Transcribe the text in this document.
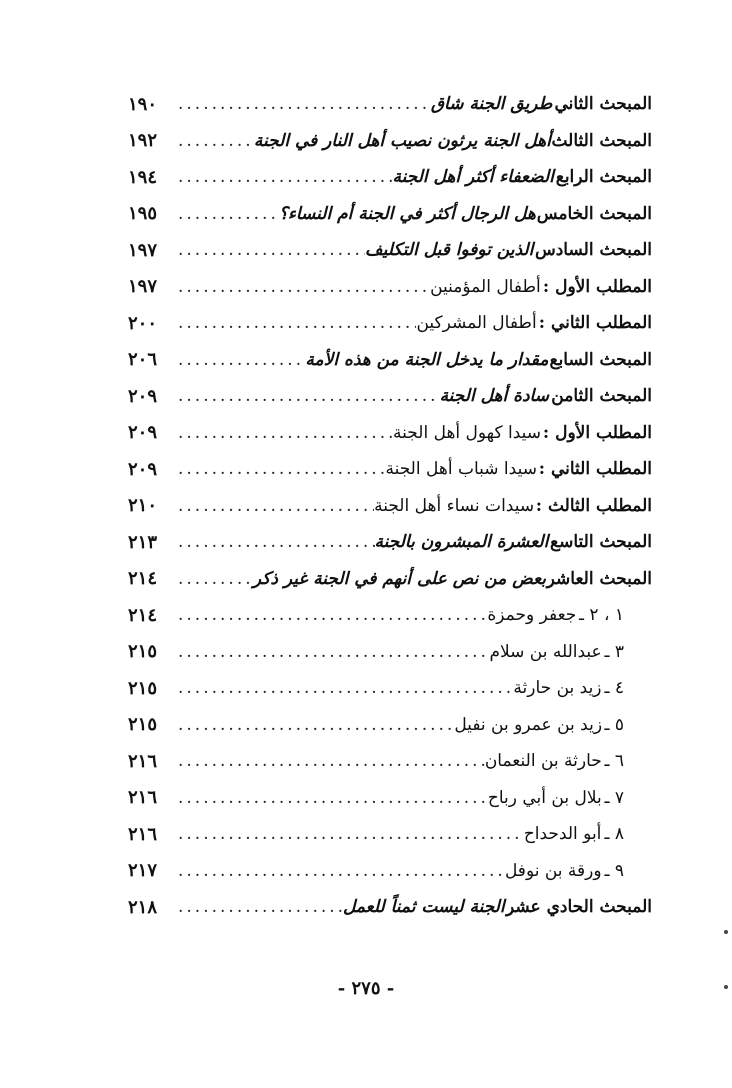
المبحث الثاني
طريق الجنة شاق
.....
١٩٠
المبحث الثالث
أهل الجنة يرثون نصيب أهل النار في الجنة
.....
١٩٢
المبحث الرابع
الضعفاء أكثر أهل الجنة
.....
١٩٤
المبحث الخامس
هل الرجال أكثر في الجنة أم النساء؟
.....
١٩٥
المبحث السادس
الذين توفوا قبل التكليف
.....
١٩٧
المطلب الأول :
أطفال المؤمنين
.....
١٩٧
المطلب الثاني :
أطفال المشركين
.....
٢٠٠
المبحث السابع
مقدار ما يدخل الجنة من هذه الأمة
.....
٢٠٦
المبحث الثامن
سادة أهل الجنة
.....
٢٠٩
المطلب الأول :
سيدا كهول أهل الجنة
.....
٢٠٩
المطلب الثاني :
سيدا شباب أهل الجنة
.....
٢٠٩
المطلب الثالث :
سيدات نساء أهل الجنة
.....
٢١٠
المبحث التاسع
العشرة المبشرون بالجنة
.....
٢١٣
المبحث العاشر
بعض من نص على أنهم في الجنة غير ذكر
.....
٢١٤
١ ، ٢ ـ
جعفر وحمزة
.....
٢١٤
٣ ـ
عبدالله بن سلام
.....
٢١٥
٤ ـ
زيد بن حارثة
.....
٢١٥
٥ ـ
زيد بن عمرو بن نفيل
.....
٢١٥
٦ ـ
حارثة بن النعمان
.....
٢١٦
٧ ـ
بلال بن أبي رباح
.....
٢١٦
٨ ـ
أبو الدحداح
.....
٢١٦
٩ ـ
ورقة بن نوفل
.....
٢١٧
المبحث الحادي عشر
الجنة ليست ثمناً للعمل
.....
٢١٨
- ٢٧٥ -
